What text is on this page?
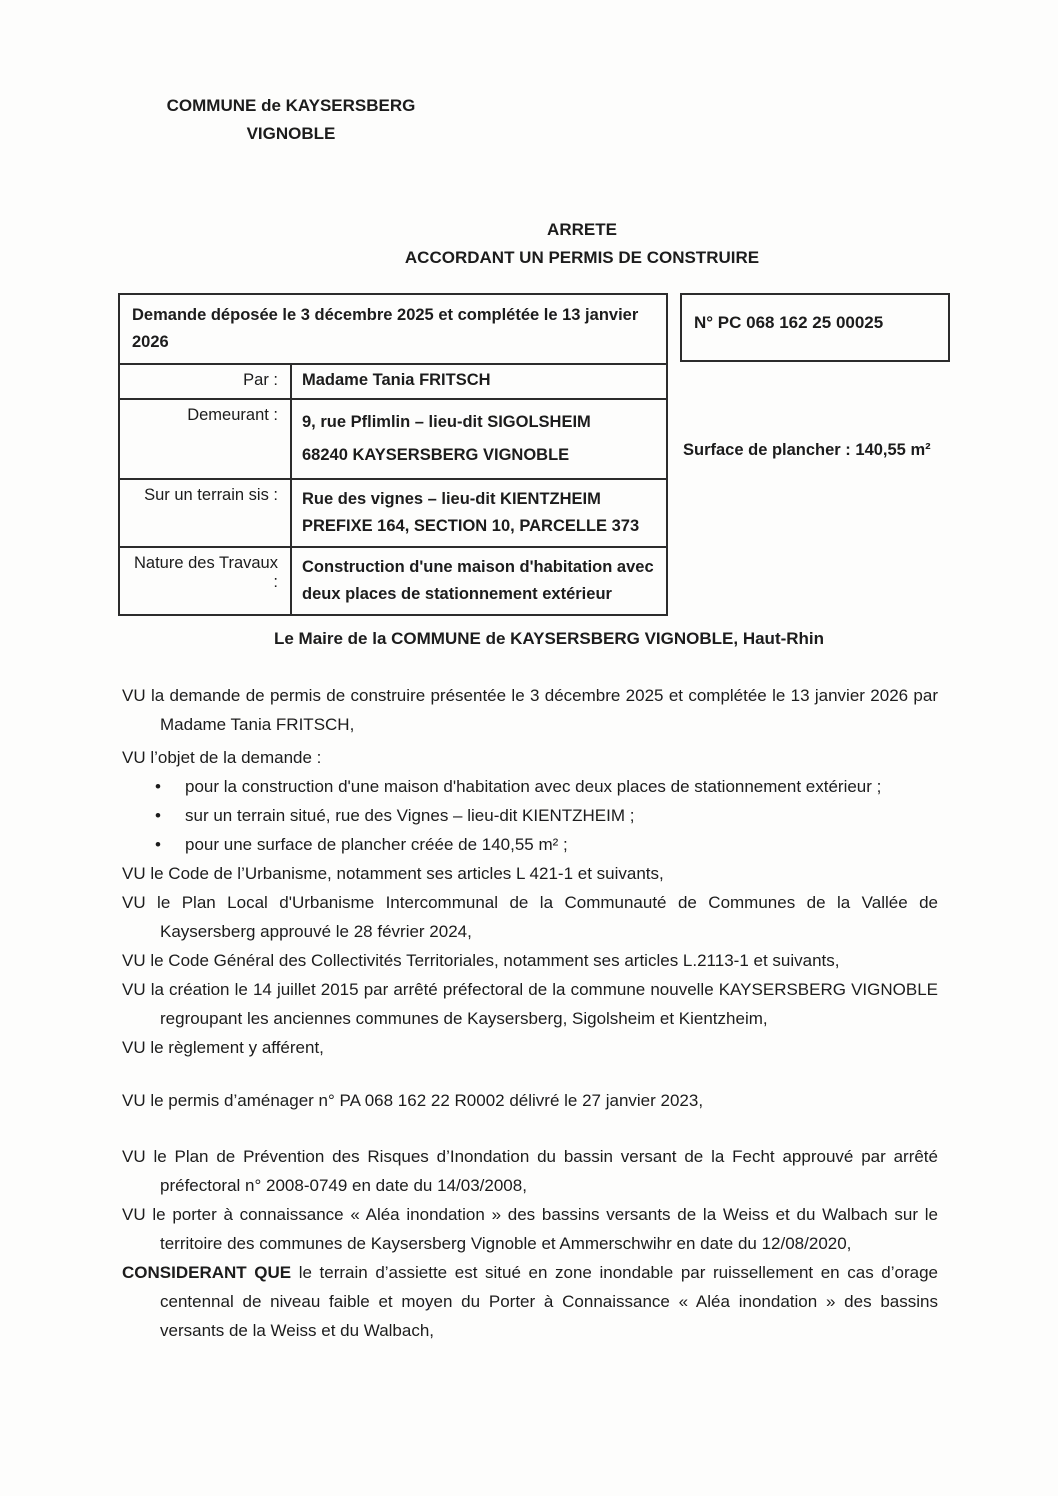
COMMUNE de KAYSERSBERG
VIGNOBLE
ARRETE
ACCORDANT UN PERMIS DE CONSTRUIRE
Demande déposée le 3 décembre 2025 et complétée le 13 janvier 2026	
Par :	Madame Tania FRITSCH

Demeurant :	9, rue Pflimlin – lieu-dit SIGOLSHEIM
68240 KAYSERSBERG VIGNOBLE

Sur un terrain sis :	Rue des vignes – lieu-dit KIENTZHEIM
PREFIXE 164, SECTION 10, PARCELLE 373

Nature des Travaux :	Construction d'une maison d'habitation avec
deux places de stationnement extérieur
N° PC 068 162 25 00025
Surface de plancher : 140,55 m²
Le Maire de la COMMUNE de KAYSERSBERG VIGNOBLE, Haut-Rhin

VU la demande de permis de construire présentée le 3 décembre 2025 et complétée le 13 janvier 2026 par Madame Tania FRITSCH,

VU l’objet de la demande :

• pour la construction d'une maison d'habitation avec deux places de stationnement extérieur ;
• sur un terrain situé, rue des Vignes – lieu-dit KIENTZHEIM ;
• pour une surface de plancher créée de 140,55 m² ;

VU le Code de l’Urbanisme, notamment ses articles L 421-1 et suivants,

VU le Plan Local d'Urbanisme Intercommunal de la Communauté de Communes de la Vallée de Kaysersberg approuvé le 28 février 2024,

VU le Code Général des Collectivités Territoriales, notamment ses articles L.2113-1 et suivants,

VU la création le 14 juillet 2015 par arrêté préfectoral de la commune nouvelle KAYSERSBERG VIGNOBLE regroupant les anciennes communes de Kaysersberg, Sigolsheim et Kientzheim,

VU le règlement y afférent,

VU le permis d’aménager n° PA 068 162 22 R0002 délivré le 27 janvier 2023,

VU le Plan de Prévention des Risques d’Inondation du bassin versant de la Fecht approuvé par arrêté préfectoral n° 2008-0749 en date du 14/03/2008,

VU le porter à connaissance « Aléa inondation » des bassins versants de la Weiss et du Walbach sur le territoire des communes de Kaysersberg Vignoble et Ammerschwihr en date du 12/08/2020,

CONSIDERANT QUE le terrain d’assiette est situé en zone inondable par ruissellement en cas d’orage centennal de niveau faible et moyen du Porter à Connaissance « Aléa inondation » des bassins versants de la Weiss et du Walbach,
